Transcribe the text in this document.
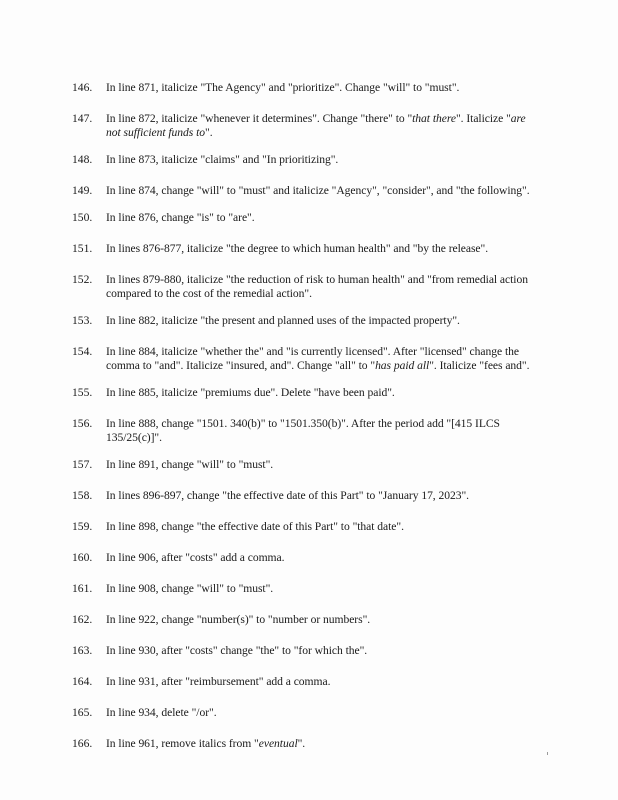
146.	In line 871, italicize "The Agency" and "prioritize". Change "will" to "must".
147.	In line 872, italicize "whenever it determines". Change "there" to "that there". Italicize "are not sufficient funds to".
148.	In line 873, italicize "claims" and "In prioritizing".
149.	In line 874, change "will" to "must" and italicize "Agency", "consider", and "the following".
150.	In line 876, change "is" to "are".
151.	In lines 876-877, italicize "the degree to which human health" and "by the release".
152.	In lines 879-880, italicize "the reduction of risk to human health" and "from remedial action compared to the cost of the remedial action".
153.	In line 882, italicize "the present and planned uses of the impacted property".
154.	In line 884, italicize "whether the" and "is currently licensed". After "licensed" change the comma to "and". Italicize "insured, and". Change "all" to "has paid all". Italicize "fees and".
155.	In line 885, italicize "premiums due". Delete "have been paid".
156.	In line 888, change "1501. 340(b)" to "1501.350(b)". After the period add "[415 ILCS 135/25(c)]".
157.	In line 891, change "will" to "must".
158.	In lines 896-897, change "the effective date of this Part" to "January 17, 2023".
159.	In line 898, change "the effective date of this Part" to "that date".
160.	In line 906, after "costs" add a comma.
161.	In line 908, change "will" to "must".
162.	In line 922, change "number(s)" to "number or numbers".
163.	In line 930, after "costs" change "the" to "for which the".
164.	In line 931, after "reimbursement" add a comma.
165.	In line 934, delete "/or".
166.	In line 961, remove italics from "eventual".
